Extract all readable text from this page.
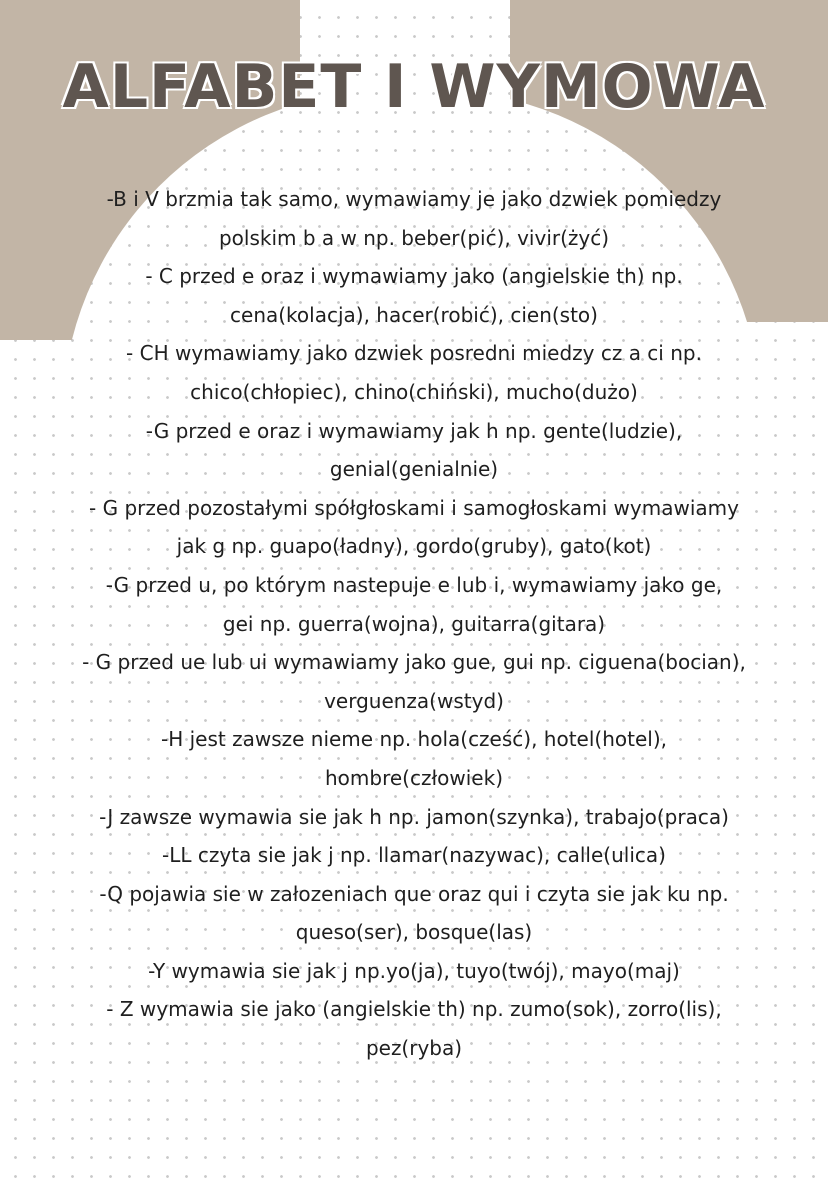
ALFABET I WYMOWA
-B i V brzmia tak samo, wymawiamy je jako dzwiek pomiedzy
polskim b a w np. beber(pić), vivir(żyć)
- C przed e oraz i wymawiamy jako (angielskie th) np.
cena(kolacja), hacer(robić), cien(sto)
- CH wymawiamy jako dzwiek posredni miedzy cz a ci np.
chico(chłopiec), chino(chiński), mucho(dużo)
-G przed e oraz i wymawiamy jak h np. gente(ludzie),
genial(genialnie)
- G przed pozostałymi spółgłoskami i samogłoskami wymawiamy
jak g np. guapo(ładny), gordo(gruby), gato(kot)
-G przed u, po którym nastepuje e lub i, wymawiamy jako ge,
gei np. guerra(wojna), guitarra(gitara)
- G przed ue lub ui wymawiamy jako gue, gui np. ciguena(bocian),
verguenza(wstyd)
-H jest zawsze nieme np. hola(cześć), hotel(hotel),
hombre(człowiek)
-J zawsze wymawia sie jak h np. jamon(szynka), trabajo(praca)
-LL czyta sie jak j np. llamar(nazywac), calle(ulica)
-Q pojawia sie w załozeniach que oraz qui i czyta sie jak ku np.
queso(ser), bosque(las)
-Y wymawia sie jak j np.yo(ja), tuyo(twój), mayo(maj)
- Z wymawia sie jako (angielskie th) np. zumo(sok), zorro(lis),
pez(ryba)
